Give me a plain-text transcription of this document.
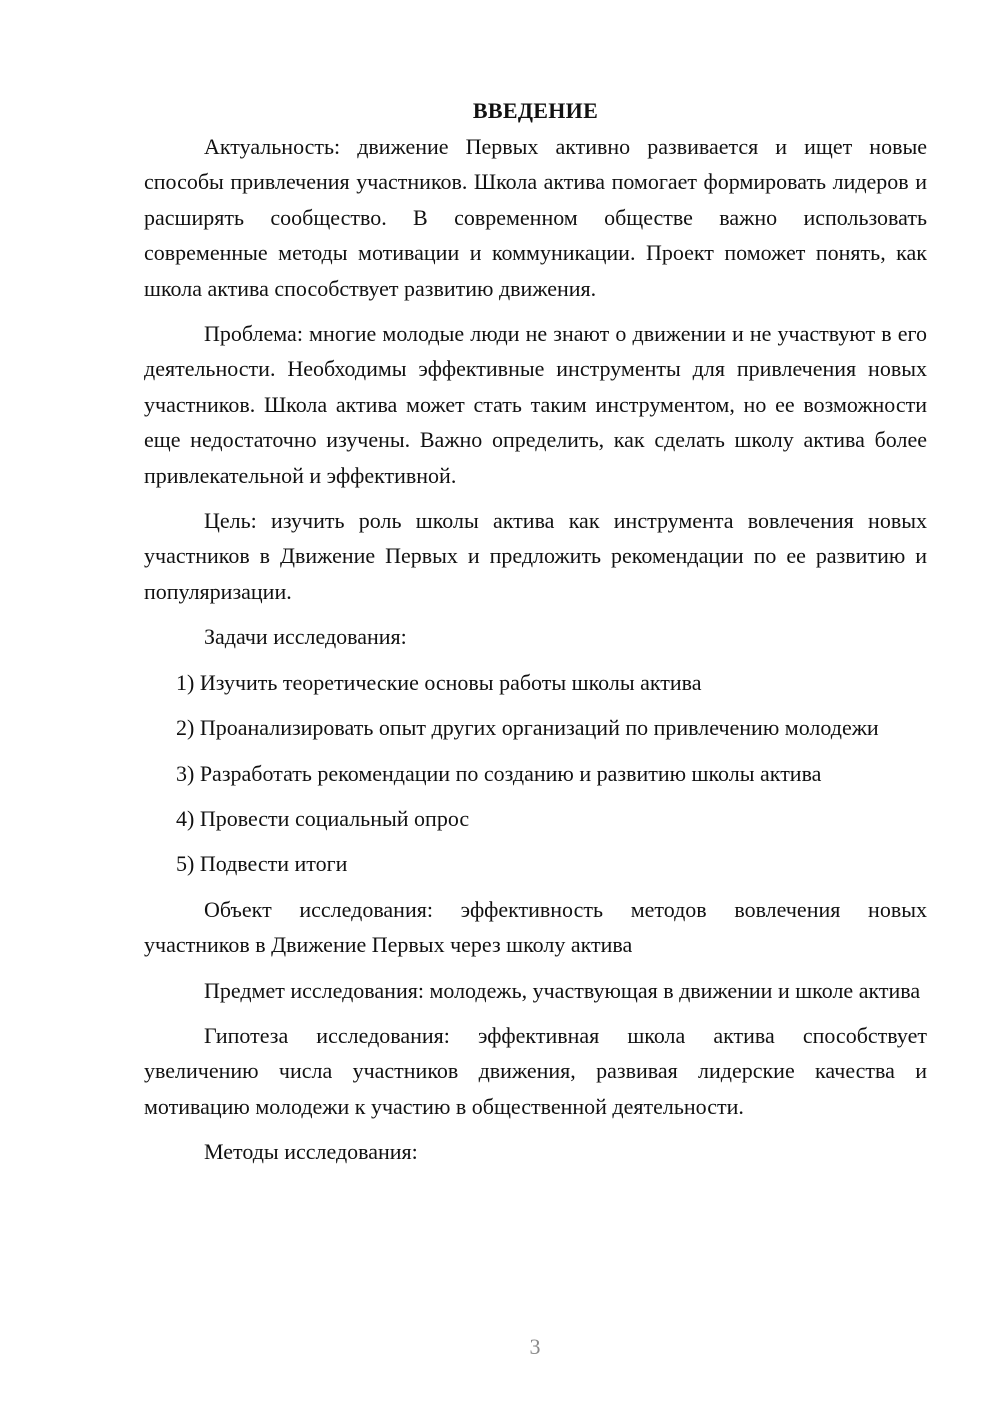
ВВЕДЕНИЕ

Актуальность: движение Первых активно развивается и ищет новые способы привлечения участников. Школа актива помогает формировать лидеров и расширять сообщество. В современном обществе важно использовать современные методы мотивации и коммуникации. Проект поможет понять, как школа актива способствует развитию движения.

Проблема: многие молодые люди не знают о движении и не участвуют в его деятельности. Необходимы эффективные инструменты для привлечения новых участников. Школа актива может стать таким инструментом, но ее возможности еще недостаточно изучены. Важно определить, как сделать школу актива более привлекательной и эффективной.

Цель: изучить роль школы актива как инструмента вовлечения новых участников в Движение Первых и предложить рекомендации по ее развитию и популяризации.

Задачи исследования:

1) Изучить теоретические основы работы школы актива

2) Проанализировать опыт других организаций по привлечению молодежи

3) Разработать рекомендации по созданию и развитию школы актива

4) Провести социальный опрос

5) Подвести итоги

Объект исследования: эффективность методов вовлечения новых участников в Движение Первых через школу актива

Предмет исследования: молодежь, участвующая в движении и школе актива

Гипотеза исследования: эффективная школа актива способствует увеличению числа участников движения, развивая лидерские качества и мотивацию молодежи к участию в общественной деятельности.

Методы исследования:

3
